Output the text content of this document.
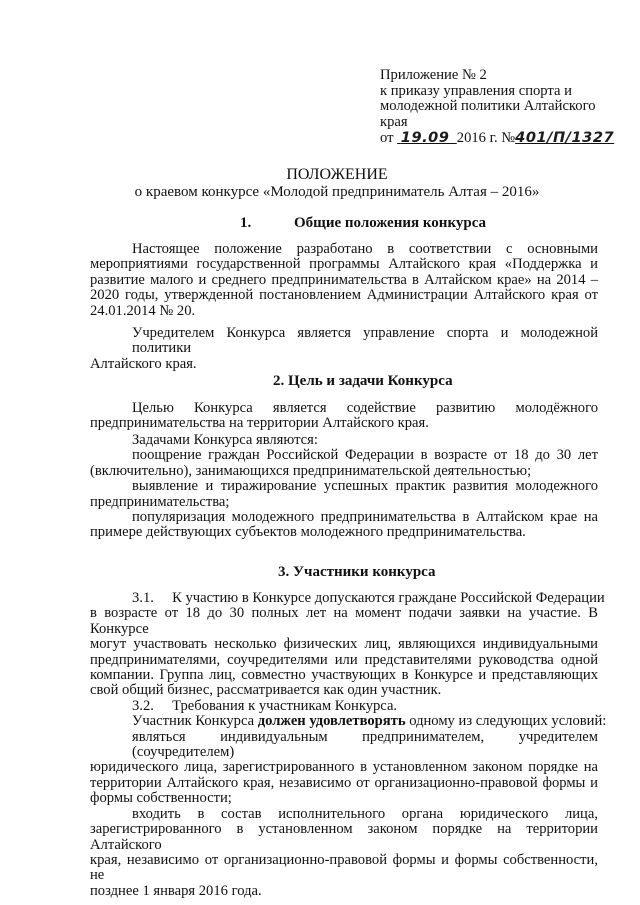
Приложение № 2
к приказу управления спорта и
молодежной политики Алтайского
края
от  19.09 2016 г. №401/П/1327
ПОЛОЖЕНИЕ
о краевом конкурсе «Молодой предприниматель Алтая – 2016»
1.	Общие положения конкурса
Настоящее положение разработано в соответствии с основными
мероприятиями государственной программы Алтайского края «Поддержка и
развитие малого и среднего предпринимательства в Алтайском крае» на 2014 –
2020 годы, утвержденной постановлением Администрации Алтайского края от
24.01.2014 № 20.
Учредителем Конкурса является управление спорта и молодежной политики
Алтайского края.
2. Цель и задачи Конкурса
Целью Конкурса является содействие развитию молодёжного
предпринимательства на территории Алтайского края.
Задачами Конкурса являются:
поощрение граждан Российской Федерации в возрасте от 18 до 30 лет
(включительно), занимающихся предпринимательской деятельностью;
выявление и тиражирование успешных практик развития молодежного
предпринимательства;
популяризация молодежного предпринимательства в Алтайском крае на
примере действующих субъектов молодежного предпринимательства.
3. Участники конкурса
3.1.     К участию в Конкурсе допускаются граждане Российской Федерации
в возрасте от 18 до 30 полных лет на момент подачи заявки на участие. В Конкурсе
могут участвовать несколько физических лиц, являющихся индивидуальными
предпринимателями, соучредителями или представителями руководства одной
компании. Группа лиц, совместно участвующих в Конкурсе и представляющих
свой общий бизнес, рассматривается как один участник.
3.2.     Требования к участникам Конкурса.
Участник Конкурса должен удовлетворять одному из следующих условий:
являться индивидуальным предпринимателем, учредителем (соучредителем)
юридического лица, зарегистрированного в установленном законом порядке на
территории Алтайского края, независимо от организационно-правовой формы и
формы собственности;
входить в состав исполнительного органа юридического лица,
зарегистрированного в установленном законом порядке на территории Алтайского
края, независимо от организационно-правовой формы и формы собственности, не
позднее 1 января 2016 года.
